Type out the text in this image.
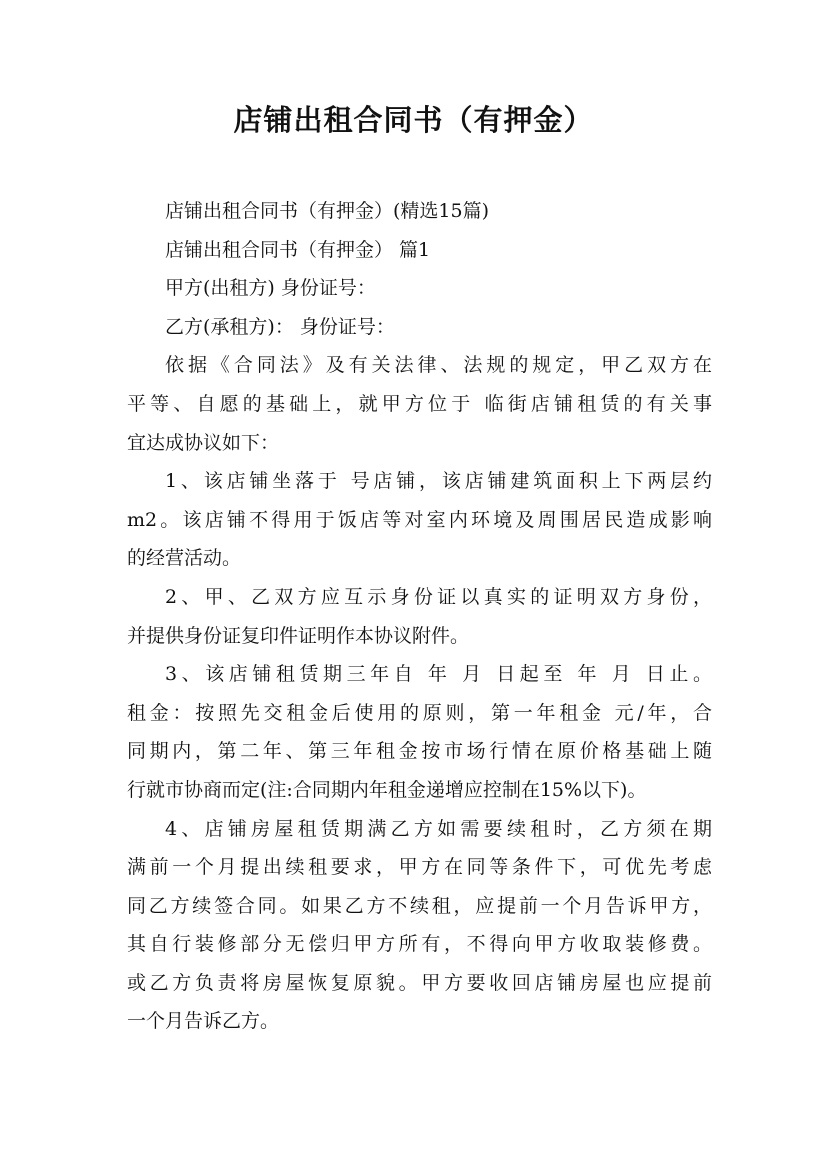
店铺出租合同书（有押金）

店铺出租合同书（有押金）(精选15篇)

店铺出租合同书（有押金） 篇1

甲方(出租方) 身份证号：

乙方(承租方)： 身份证号：

依据《合同法》及有关法律、法规的规定，甲乙双方在
平等、自愿的基础上，就甲方位于 临街店铺租赁的有关事
宜达成协议如下：

1、该店铺坐落于 号店铺，该店铺建筑面积上下两层约
m2。该店铺不得用于饭店等对室内环境及周围居民造成影响
的经营活动。

2、甲、乙双方应互示身份证以真实的证明双方身份，
并提供身份证复印件证明作本协议附件。

3、该店铺租赁期三年自 年 月 日起至 年 月 日止。
租金：按照先交租金后使用的原则，第一年租金 元/年，合
同期内，第二年、第三年租金按市场行情在原价格基础上随
行就市协商而定(注:合同期内年租金递增应控制在15%以下)。

4、店铺房屋租赁期满乙方如需要续租时，乙方须在期
满前一个月提出续租要求，甲方在同等条件下，可优先考虑
同乙方续签合同。如果乙方不续租，应提前一个月告诉甲方，
其自行装修部分无偿归甲方所有，不得向甲方收取装修费。
或乙方负责将房屋恢复原貌。甲方要收回店铺房屋也应提前
一个月告诉乙方。
